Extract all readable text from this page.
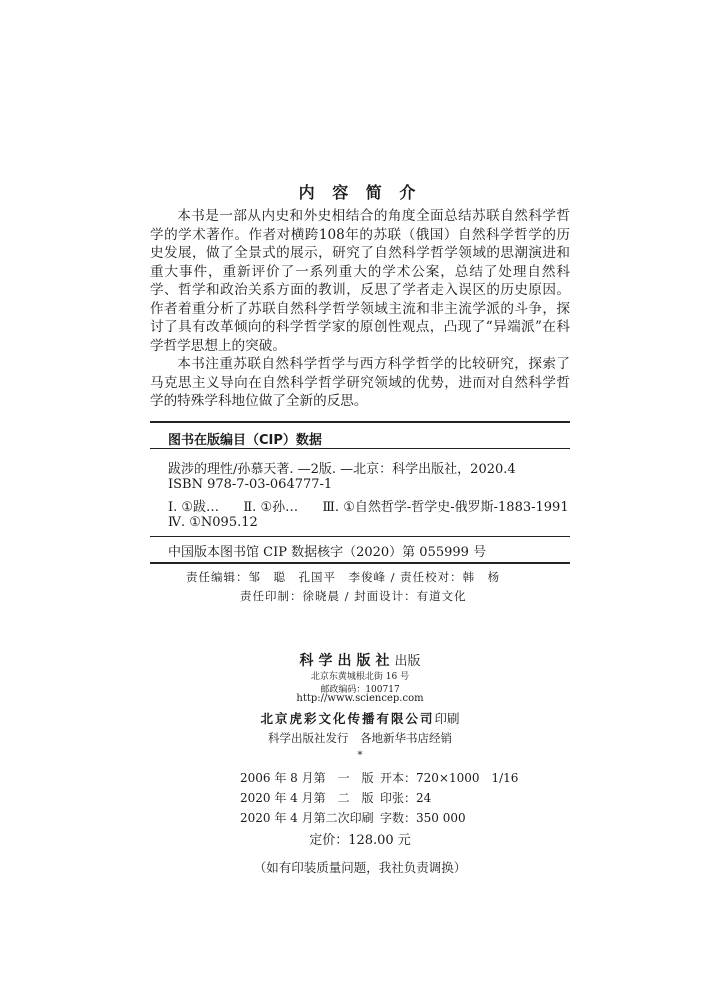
内 容 简 介

本书是一部从内史和外史相结合的角度全面总结苏联自然科学哲学的学术著作。作者对横跨108年的苏联（俄国）自然科学哲学的历史发展，做了全景式的展示，研究了自然科学哲学领域的思潮演进和重大事件，重新评价了一系列重大的学术公案，总结了处理自然科学、哲学和政治关系方面的教训，反思了学者走入误区的历史原因。作者着重分析了苏联自然科学哲学领域主流和非主流学派的斗争，探讨了具有改革倾向的科学哲学家的原创性观点，凸现了“异端派”在科学哲学思想上的突破。

本书注重苏联自然科学哲学与西方科学哲学的比较研究，探索了马克思主义导向在自然科学哲学研究领域的优势，进而对自然科学哲学的特殊学科地位做了全新的反思。

图书在版编目（CIP）数据
跋涉的理性/孙慕天著. —2版. —北京：科学出版社，2020.4
ISBN 978-7-03-064777-1
Ⅰ. ①跋… Ⅱ. ①孙… Ⅲ. ①自然哲学-哲学史-俄罗斯-1883-1991
Ⅳ. ①N095.12
中国版本图书馆 CIP 数据核字（2020）第 055999 号
责任编辑：邹　聪　孔国平　李俊峰 / 责任校对：韩　杨
责任印制：徐晓晨 / 封面设计：有道文化
科学出版社出版
北京东黄城根北街 16 号
邮政编码：100717
http://www.sciencep.com
北京虎彩文化传播有限公司印刷
科学出版社发行　各地新华书店经销
*
2006 年 8 月第　一　版 开本：720×1000　1/16
2020 年 4 月第　二　版 印张：24
2020 年 4 月第二次印刷 字数：350 000
定价：128.00 元
（如有印装质量问题，我社负责调换）
